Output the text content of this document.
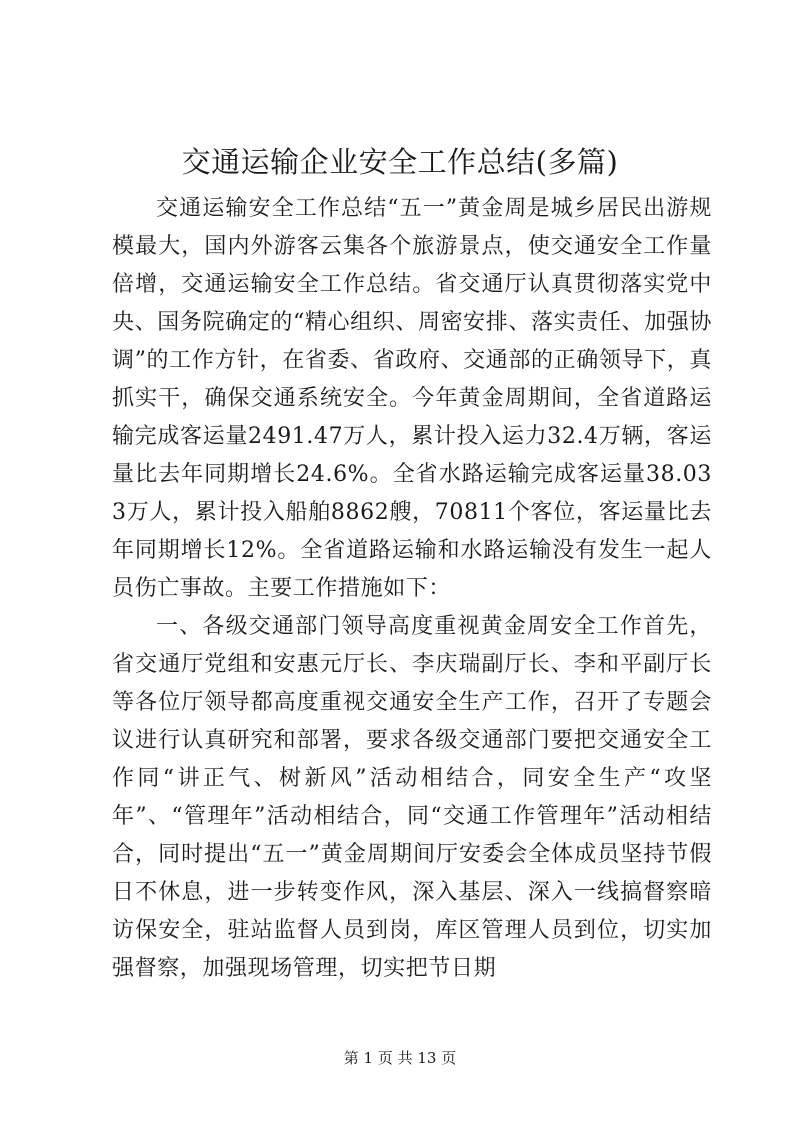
交通运输企业安全工作总结(多篇)

交通运输安全工作总结“五一”黄金周是城乡居民出游规模最大，国内外游客云集各个旅游景点，使交通安全工作量倍增，交通运输安全工作总结。省交通厅认真贯彻落实党中央、国务院确定的“精心组织、周密安排、落实责任、加强协调”的工作方针，在省委、省政府、交通部的正确领导下，真抓实干，确保交通系统安全。今年黄金周期间，全省道路运输完成客运量2491.47万人，累计投入运力32.4万辆，客运量比去年同期增长24.6%。全省水路运输完成客运量38.033万人，累计投入船舶8862艘，70811个客位，客运量比去年同期增长12%。全省道路运输和水路运输没有发生一起人员伤亡事故。主要工作措施如下：

一、各级交通部门领导高度重视黄金周安全工作首先，省交通厅党组和安惠元厅长、李庆瑞副厅长、李和平副厅长等各位厅领导都高度重视交通安全生产工作，召开了专题会议进行认真研究和部署，要求各级交通部门要把交通安全工作同“讲正气、树新风”活动相结合，同安全生产“攻坚年”、“管理年”活动相结合，同“交通工作管理年”活动相结合，同时提出“五一”黄金周期间厅安委会全体成员坚持节假日不休息，进一步转变作风，深入基层、深入一线搞督察暗访保安全，驻站监督人员到岗，库区管理人员到位，切实加强督察，加强现场管理，切实把节日期

第 1 页 共 13 页
